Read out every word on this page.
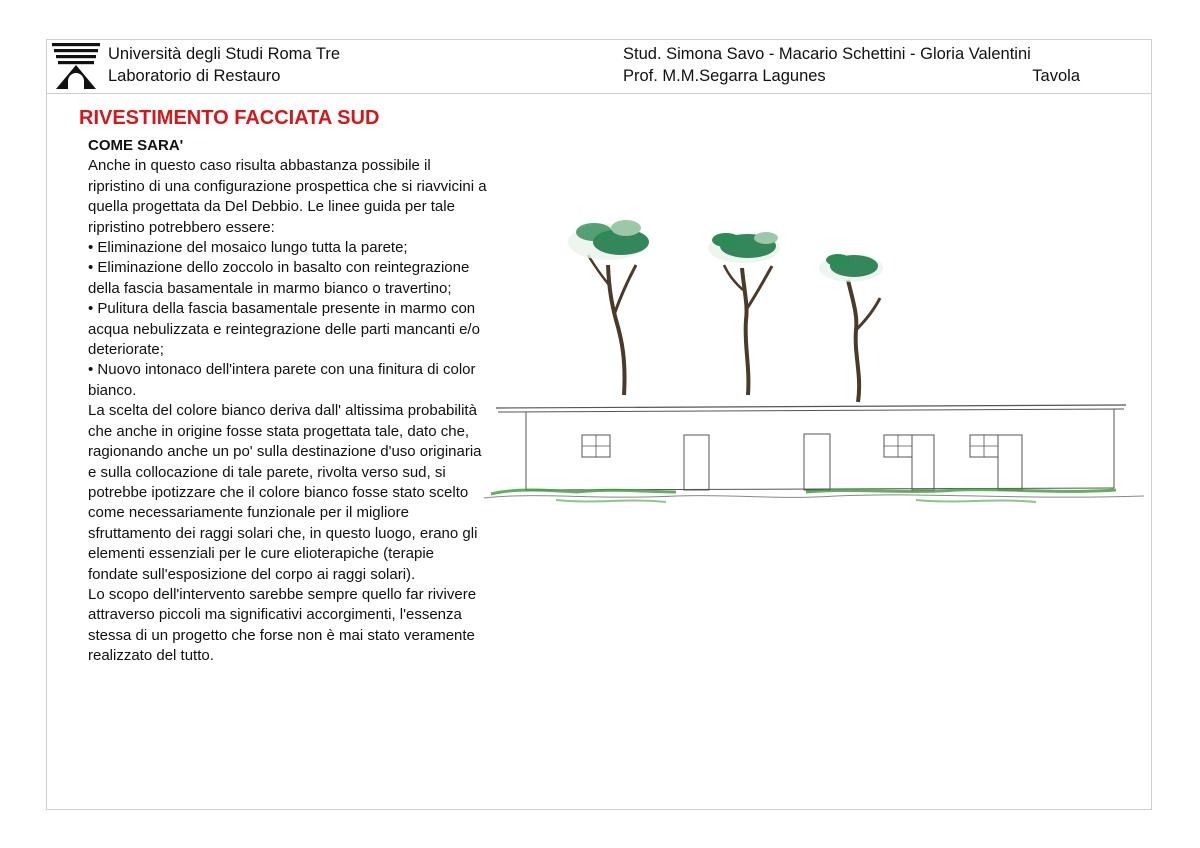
Università degli Studi Roma Tre
Laboratorio di Restauro
Stud. Simona Savo - Macario Schettini - Gloria Valentini
Prof. M.M.Segarra Lagunes	Tavola
RIVESTIMENTO FACCIATA SUD

COME SARA'

Anche in questo caso risulta abbastanza possibile il ripristino di una configurazione prospettica che si riavvicini a quella progettata da Del Debbio. Le linee guida per tale ripristino potrebbero essere:

• Eliminazione del mosaico lungo tutta la parete;

• Eliminazione dello zoccolo in basalto con reintegrazione della fascia basamentale in marmo bianco o travertino;

• Pulitura della fascia basamentale presente in marmo con acqua nebulizzata e reintegrazione delle parti mancanti e/o deteriorate;

• Nuovo intonaco dell'intera parete con una finitura di color bianco.

La scelta del colore bianco deriva dall' altissima probabilità che anche in origine fosse stata progettata tale, dato che, ragionando anche un po' sulla destinazione d'uso originaria e sulla collocazione di tale parete, rivolta verso sud, si potrebbe ipotizzare che il colore bianco fosse stato scelto come necessariamente funzionale per il migliore sfruttamento dei raggi solari che, in questo luogo, erano gli elementi essenziali per le cure elioterapiche (terapie fondate sull'esposizione del corpo ai raggi solari).

Lo scopo dell'intervento sarebbe sempre quello far rivivere attraverso piccoli ma significativi accorgimenti, l'essenza stessa di un progetto che forse non è mai stato veramente realizzato del tutto.
